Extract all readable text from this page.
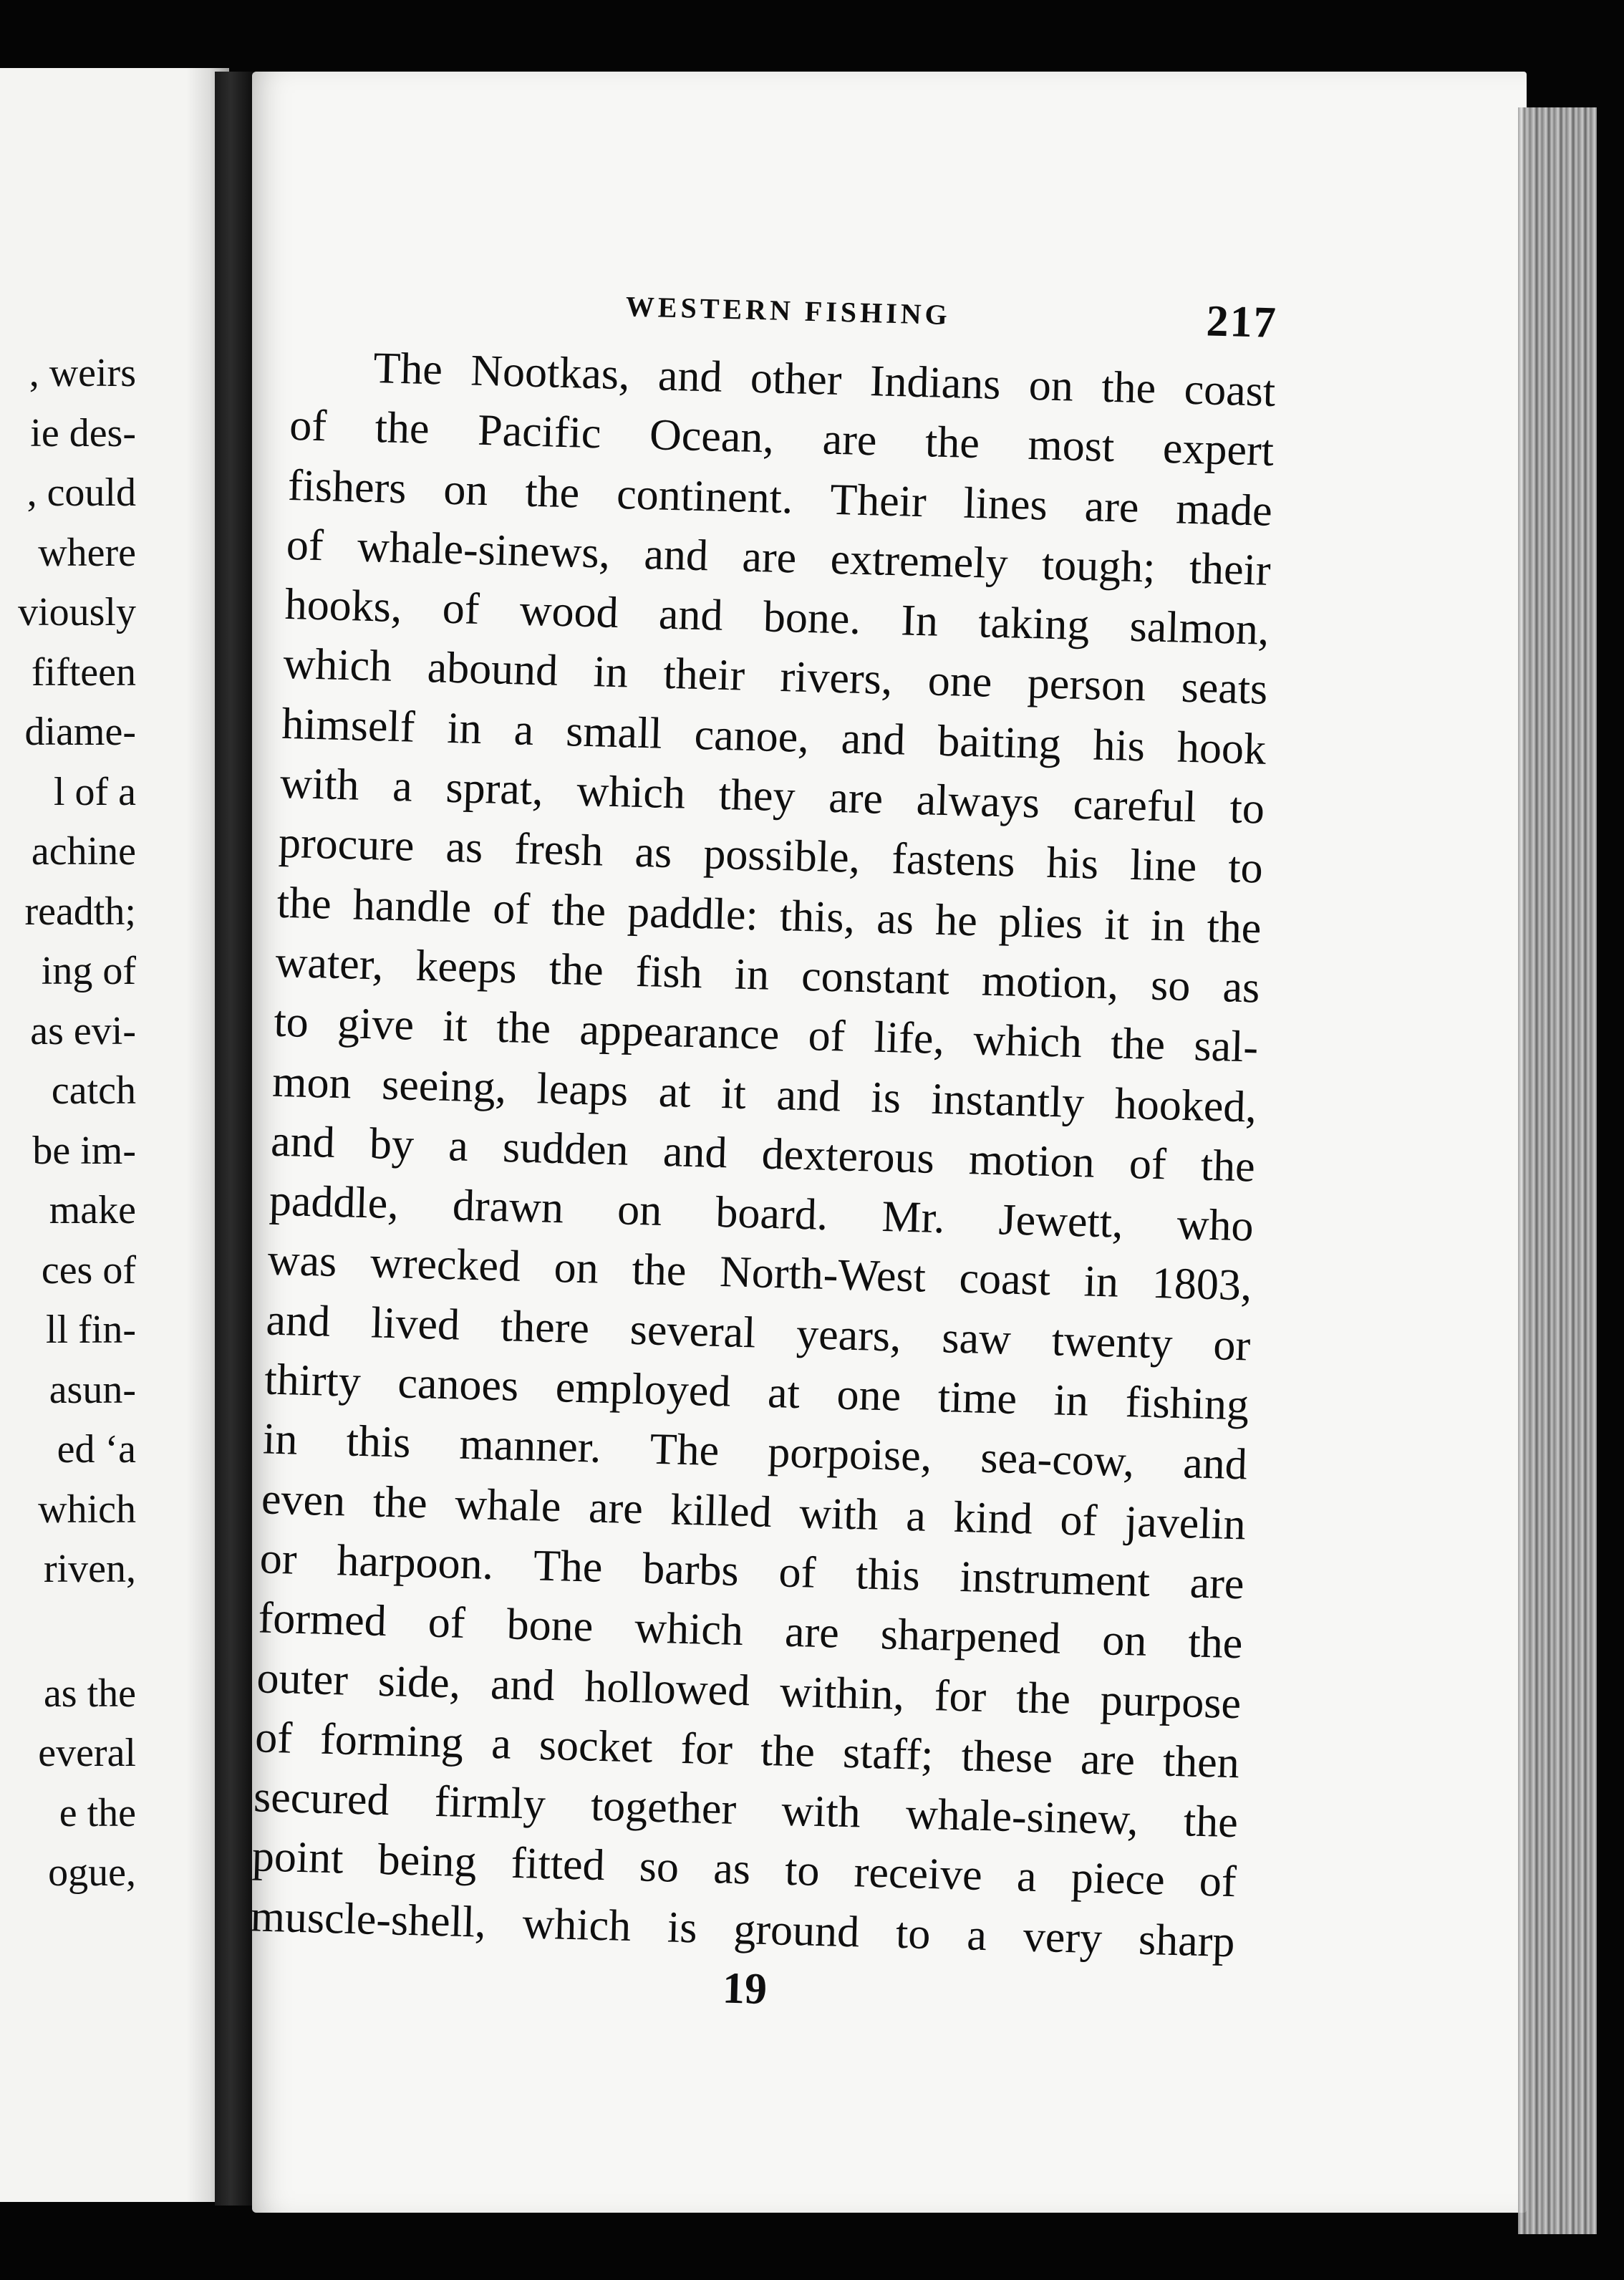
, weirs
ie des-
, could
where
viously
fifteen
diame-
l of a
achine
readth;
ing of
as evi-
catch
be im-
make
ces of
ll fin-
asun-
ed ‘a
which
riven,
as the
everal
e the
ogue,
WESTERN FISHING	217
The Nootkas, and other Indians on the coast
of the Pacific Ocean, are the most expert
fishers on the continent. Their lines are made
of whale-sinews, and are extremely tough; their
hooks, of wood and bone. In taking salmon,
which abound in their rivers, one person seats
himself in a small canoe, and baiting his hook
with a sprat, which they are always careful to
procure as fresh as possible, fastens his line to
the handle of the paddle: this, as he plies it in the
water, keeps the fish in constant motion, so as
to give it the appearance of life, which the sal-
mon seeing, leaps at it and is instantly hooked,
and by a sudden and dexterous motion of the
paddle, drawn on board. Mr. Jewett, who
was wrecked on the North-West coast in 1803,
and lived there several years, saw twenty or
thirty canoes employed at one time in fishing
in this manner. The porpoise, sea-cow, and
even the whale are killed with a kind of javelin
or harpoon. The barbs of this instrument are
formed of bone which are sharpened on the
outer side, and hollowed within, for the purpose
of forming a socket for the staff; these are then
secured firmly together with whale-sinew, the
point being fitted so as to receive a piece of
muscle-shell, which is ground to a very sharp
19
